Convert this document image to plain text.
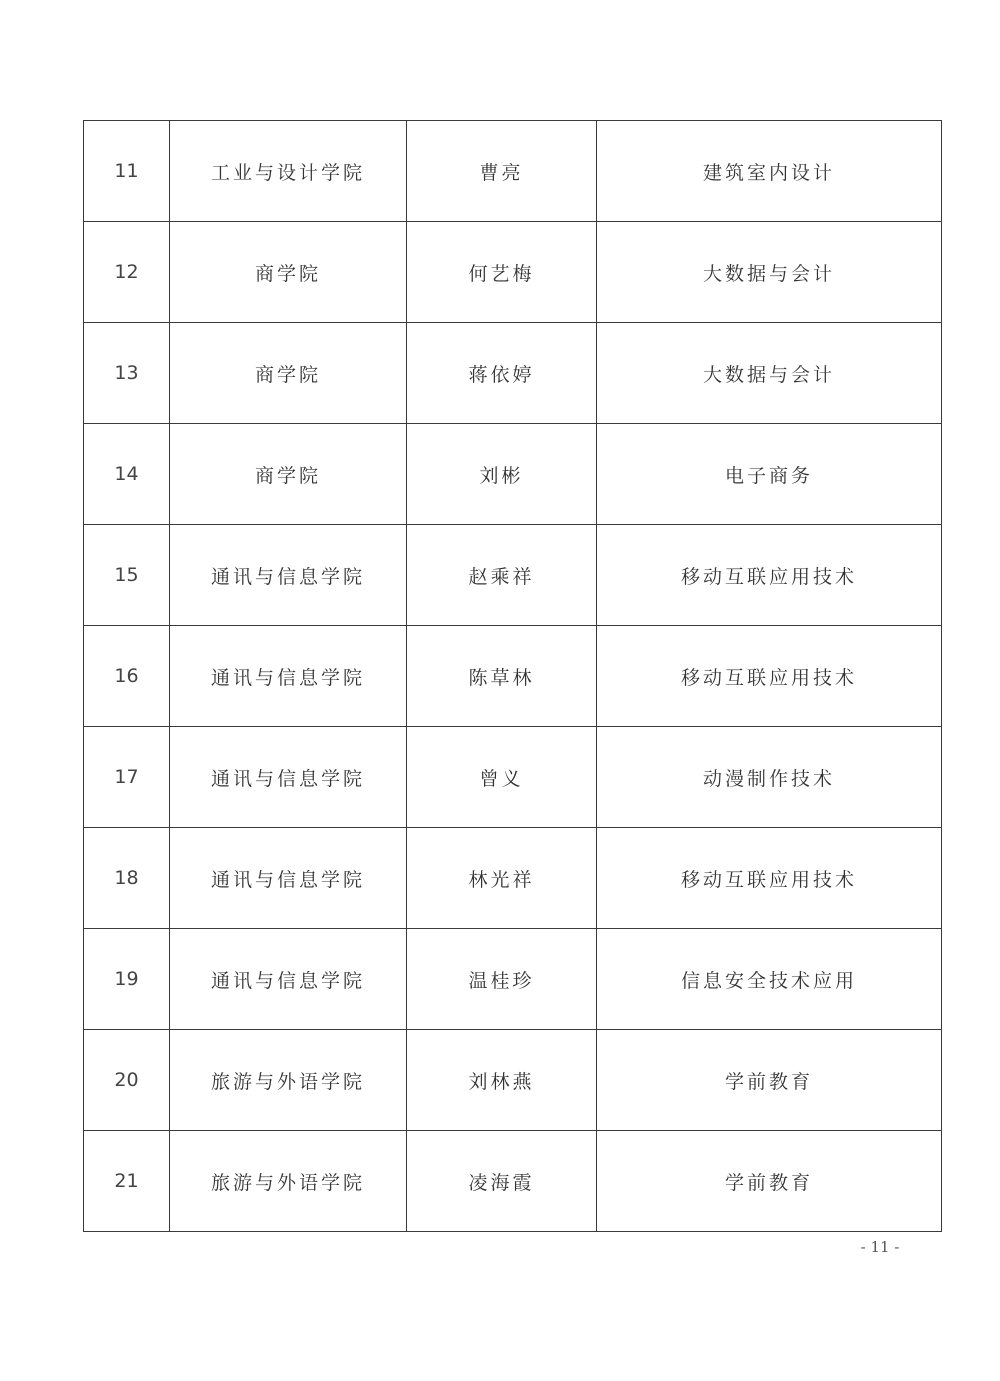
11	工业与设计学院	曹亮	建筑室内设计
12	商学院	何艺梅	大数据与会计
13	商学院	蒋依婷	大数据与会计
14	商学院	刘彬	电子商务
15	通讯与信息学院	赵乘祥	移动互联应用技术
16	通讯与信息学院	陈草林	移动互联应用技术
17	通讯与信息学院	曾义	动漫制作技术
18	通讯与信息学院	林光祥	移动互联应用技术
19	通讯与信息学院	温桂珍	信息安全技术应用
20	旅游与外语学院	刘林燕	学前教育
21	旅游与外语学院	凌海霞	学前教育
- 11 -
